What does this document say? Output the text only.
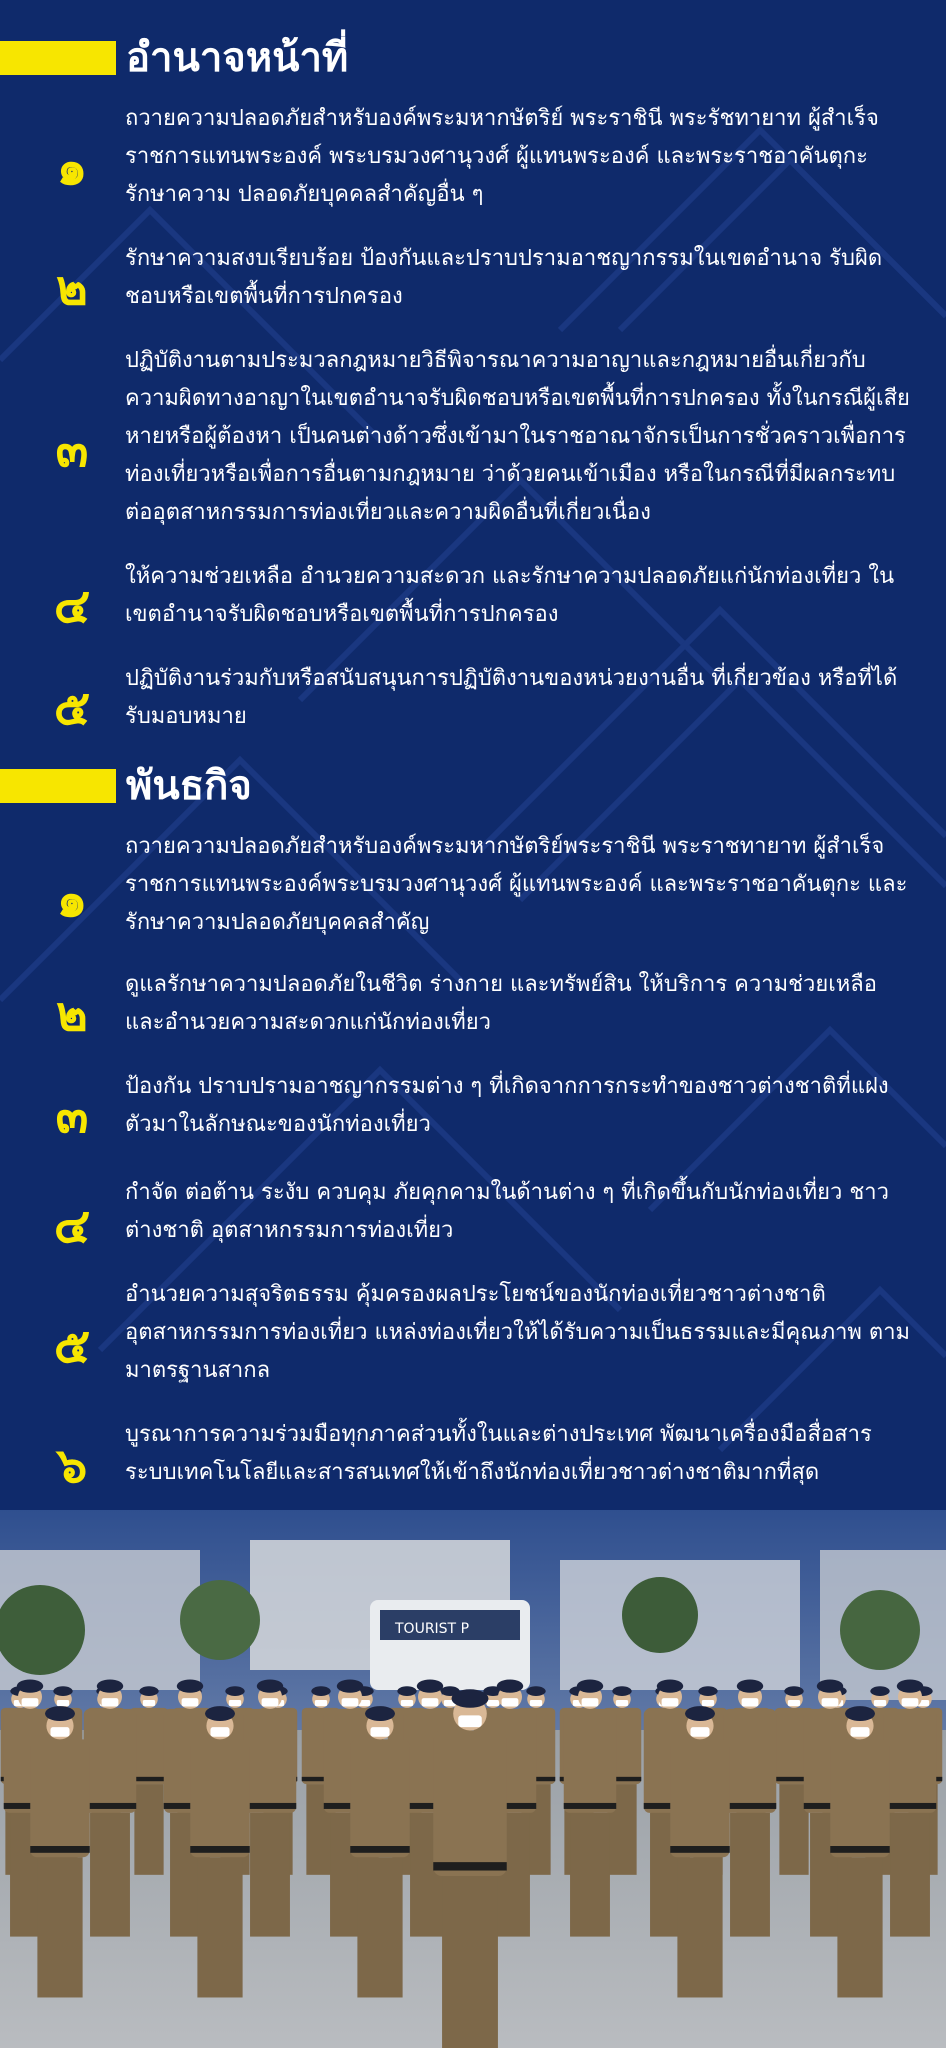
อำนาจหน้าที่
๑
ถวายความปลอดภัยสำหรับองค์พระมหากษัตริย์ พระราชินี พระรัชทายาท ผู้สำเร็จราชการแทนพระองค์ พระบรมวงศานุวงศ์ ผู้แทนพระองค์ และพระราชอาคันตุกะ รักษาความ ปลอดภัยบุคคลสำคัญอื่น ๆ
๒
รักษาความสงบเรียบร้อย ป้องกันและปราบปรามอาชญากรรมในเขตอำนาจ รับผิดชอบหรือเขตพื้นที่การปกครอง
๓
ปฏิบัติงานตามประมวลกฎหมายวิธีพิจารณาความอาญาและกฎหมายอื่นเกี่ยวกับความผิดทางอาญาในเขตอำนาจรับผิดชอบหรือเขตพื้นที่การปกครอง ทั้งในกรณีผู้เสียหายหรือผู้ต้องหา เป็นคนต่างด้าวซึ่งเข้ามาในราชอาณาจักรเป็นการชั่วคราวเพื่อการท่องเที่ยวหรือเพื่อการอื่นตามกฎหมาย ว่าด้วยคนเข้าเมือง หรือในกรณีที่มีผลกระทบต่ออุตสาหกรรมการท่องเที่ยวและความผิดอื่นที่เกี่ยวเนื่อง
๔
ให้ความช่วยเหลือ อำนวยความสะดวก และรักษาความปลอดภัยแก่นักท่องเที่ยว ในเขตอำนาจรับผิดชอบหรือเขตพื้นที่การปกครอง
๕
ปฏิบัติงานร่วมกับหรือสนับสนุนการปฏิบัติงานของหน่วยงานอื่น ที่เกี่ยวข้อง หรือที่ได้รับมอบหมาย
พันธกิจ
๑
ถวายความปลอดภัยสำหรับองค์พระมหากษัตริย์พระราชินี พระราชทายาท ผู้สำเร็จราชการแทนพระองค์พระบรมวงศานุวงศ์ ผู้แทนพระองค์ และพระราชอาคันตุกะ และรักษาความปลอดภัยบุคคลสำคัญ
๒
ดูแลรักษาความปลอดภัยในชีวิต ร่างกาย และทรัพย์สิน ให้บริการ ความช่วยเหลือ และอำนวยความสะดวกแก่นักท่องเที่ยว
๓
ป้องกัน ปราบปรามอาชญากรรมต่าง ๆ ที่เกิดจากการกระทำของชาวต่างชาติที่แฝงตัวมาในลักษณะของนักท่องเที่ยว
๔
กำจัด ต่อต้าน ระงับ ควบคุม ภัยคุกคามในด้านต่าง ๆ ที่เกิดขึ้นกับนักท่องเที่ยว ชาวต่างชาติ อุตสาหกรรมการท่องเที่ยว
๕
อำนวยความสุจริตธรรม คุ้มครองผลประโยชน์ของนักท่องเที่ยวชาวต่างชาติ อุตสาหกรรมการท่องเที่ยว แหล่งท่องเที่ยวให้ได้รับความเป็นธรรมและมีคุณภาพ ตามมาตรฐานสากล
๖
บูรณาการความร่วมมือทุกภาคส่วนทั้งในและต่างประเทศ พัฒนาเครื่องมือสื่อสาร ระบบเทคโนโลยีและสารสนเทศให้เข้าถึงนักท่องเที่ยวชาวต่างชาติมากที่สุด
TOURIST P
